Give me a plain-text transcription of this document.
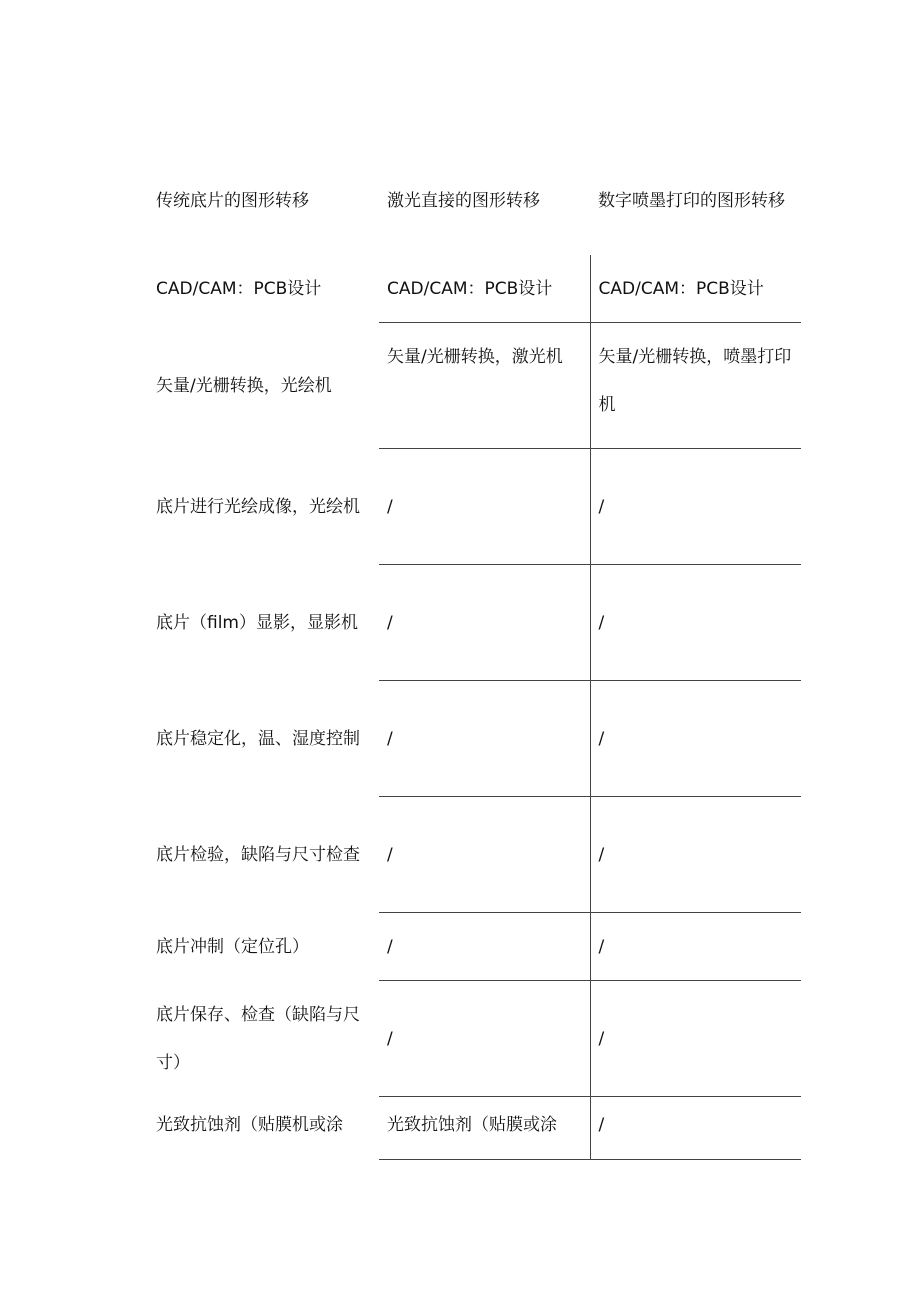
传统底片的图形转移	激光直接的图形转移	数字喷墨打印的图形转移
CAD/CAM：PCB设计	CAD/CAM：PCB设计	CAD/CAM：PCB设计
矢量/光栅转换，光绘机	矢量/光栅转换，激光机	矢量/光栅转换，喷墨打印机
底片进行光绘成像，光绘机	/	/
底片（film）显影，显影机	/	/
底片稳定化，温、湿度控制	/	/
底片检验，缺陷与尺寸检查	/	/
底片冲制（定位孔）	/	/
底片保存、检查（缺陷与尺寸）	/	/
光致抗蚀剂（贴膜机或涂	光致抗蚀剂（贴膜或涂	/
